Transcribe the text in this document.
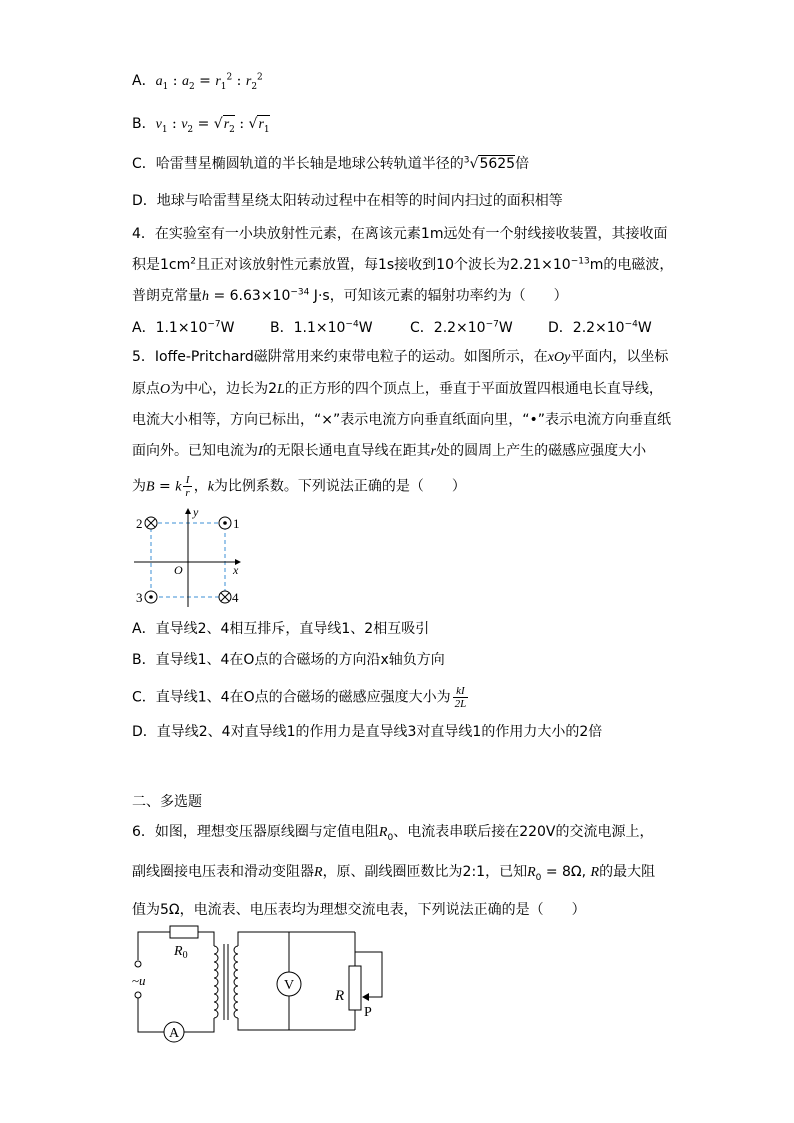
A．$a_1$ : $a_2 = r_1^2$ : $r_2^2$
B．$v_1$ : $v_2 = √r_2$ : $√r_1$
C．哈雷彗星椭圆轨道的半长轴是地球公转轨道半径的$^3$√5625倍
D．地球与哈雷彗星绕太阳转动过程中在相等的时间内扫过的面积相等
4．在实验室有一小块放射性元素，在离该元素1m远处有一个射线接收装置，其接收面
积是$1cm^2$且正对该放射性元素放置，每1s接收到10个波长为$2.21\times 10^{-13}m$的电磁波，
普朗克常量$h = 6.63\times 10^{-34}$ J·s，可知该元素的辐射功率约为（　　）
A．$1.1\times 10^{-7}W$	B．$1.1\times 10^{-4}W$	C．$2.2\times 10^{-7}W$	D．$2.2\times 10^{-4}W$
5．Ioffe-Pritchard磁阱常用来约束带电粒子的运动。如图所示，在xOy平面内，以坐标
原点O为中心，边长为2L的正方形的四个顶点上，垂直于平面放置四根通电长直导线，
电流大小相等，方向已标出，“×”表示电流方向垂直纸面向里，“•”表示电流方向垂直纸
面向外。已知电流为I的无限长通电直导线在距其r处的圆周上产生的磁感应强度大小
为B = k $\frac{I}{r}$ ，k为比例系数。下列说法正确的是（　　）
y
x
O
2	1
3	4
A．直导线2、4相互排斥，直导线1、2相互吸引
B．直导线1、4在O点的合磁场的方向沿x轴负方向
C．直导线1、4在O点的合磁场的磁感应强度大小为 $\frac{kI}{2L}$
D．直导线2、4对直导线1的作用力是直导线3对直导线1的作用力大小的2倍
二、多选题
6．如图，理想变压器原线圈与定值电阻$R_0$、电流表串联后接在220V的交流电源上，
副线圈接电压表和滑动变阻器R，原、副线圈匝数比为2:1，已知$R_0 = 8\Omega$, R的最大阻
值为5Ω，电流表、电压表均为理想交流电表，下列说法正确的是（　　）
$R_0$
A
~u	V
R
P
